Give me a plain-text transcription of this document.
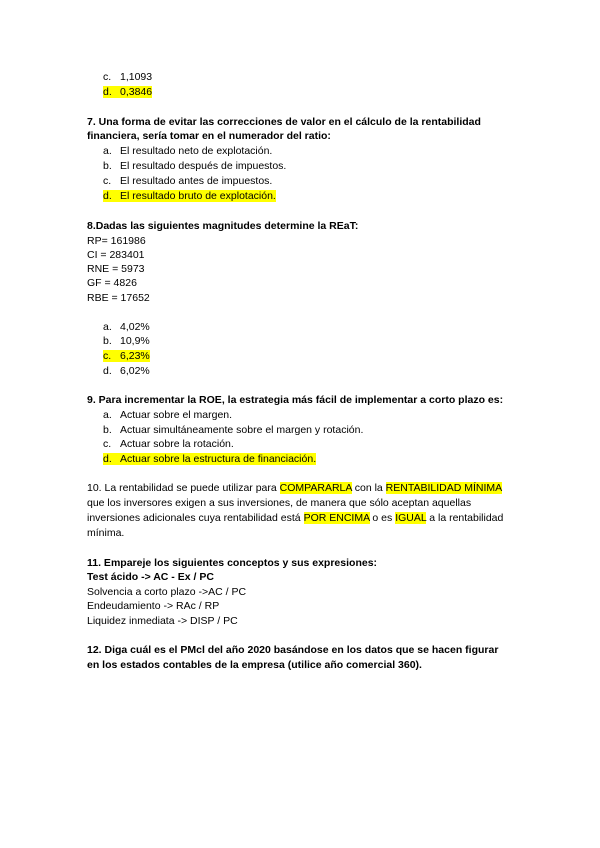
c. 1,1093
d. 0,3846
7. Una forma de evitar las correcciones de valor en el cálculo de la rentabilidad
financiera, sería tomar en el numerador del ratio:
a. El resultado neto de explotación.
b. El resultado después de impuestos.
c. El resultado antes de impuestos.
d. El resultado bruto de explotación.
8.Dadas las siguientes magnitudes determine la REaT:
RP= 161986
CI = 283401
RNE = 5973
GF = 4826
RBE = 17652
a. 4,02%
b. 10,9%
c. 6,23%
d. 6,02%
9. Para incrementar la ROE, la estrategia más fácil de implementar a corto plazo es:
a. Actuar sobre el margen.
b. Actuar simultáneamente sobre el margen y rotación.
c. Actuar sobre la rotación.
d. Actuar sobre la estructura de financiación.
10. La rentabilidad se puede utilizar para COMPARARLA con la RENTABILIDAD MÍNIMA
que los inversores exigen a sus inversiones, de manera que sólo aceptan aquellas
inversiones adicionales cuya rentabilidad está POR ENCIMA o es IGUAL a la rentabilidad
mínima.
11. Empareje los siguientes conceptos y sus expresiones:
Test ácido -> AC - Ex / PC
Solvencia a corto plazo ->AC / PC
Endeudamiento -> RAc / RP
Liquidez inmediata -> DISP / PC
12. Diga cuál es el PMcl del año 2020 basándose en los datos que se hacen figurar
en los estados contables de la empresa (utilice año comercial 360).
